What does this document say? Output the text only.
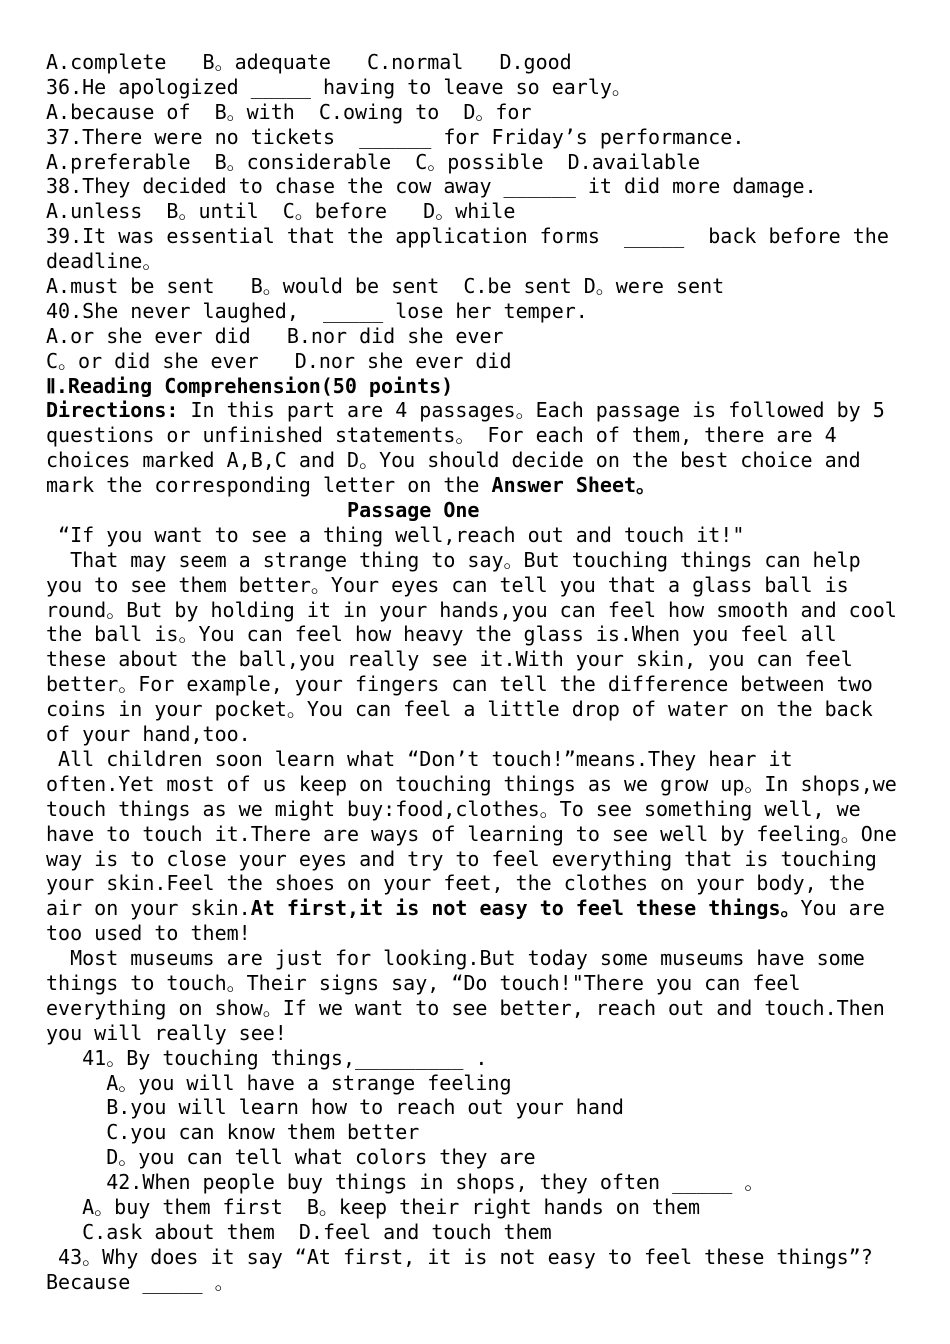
A.complete   B。adequate   C.normal   D.good
36.He apologized _____ having to leave so early。
A.because of  B。with  C.owing to  D。for
37.There were no tickets  ______ for Friday’s performance.
A.preferable  B。considerable  C。possible  D.available
38.They decided to chase the cow away ______ it did more damage.
A.unless  B。until  C。before   D。while
39.It was essential that the application forms  _____  back before the
deadline。
A.must be sent   B。would be sent  C.be sent D。were sent
40.She never laughed,  _____ lose her temper.
A.or she ever did   B.nor did she ever
C。or did she ever   D.nor she ever did
Ⅱ.Reading Comprehension(50 points)
Directions: In this part are 4 passages。Each passage is followed by 5
questions or unfinished statements。 For each of them, there are 4
choices marked A,B,C and D。You should decide on the best choice and
mark the corresponding letter on the Answer Sheet。
Passage One
“If you want to see a thing well,reach out and touch it!"
That may seem a strange thing to say。But touching things can help
you to see them better。Your eyes can tell you that a glass ball is
round。But by holding it in your hands,you can feel how smooth and cool
the ball is。You can feel how heavy the glass is.When you feel all
these about the ball,you really see it.With your skin, you can feel
better。For example, your fingers can tell the difference between two
coins in your pocket。You can feel a little drop of water on the back
of your hand,too.
All children soon learn what “Don’t touch!”means.They hear it
often.Yet most of us keep on touching things as we grow up。In shops,we
touch things as we might buy:food,clothes。To see something well, we
have to touch it.There are ways of learning to see well by feeling。One
way is to close your eyes and try to feel everything that is touching
your skin.Feel the shoes on your feet, the clothes on your body, the
air on your skin.At first,it is not easy to feel these things。You are
too used to them!
Most museums are just for looking.But today some museums have some
things to touch。Their signs say, “Do touch!"There you can feel
everything on show。If we want to see better, reach out and touch.Then
you will really see!
41。By touching things,_________ .
A。you will have a strange feeling
B.you will learn how to reach out your hand
C.you can know them better
D。you can tell what colors they are
42.When people buy things in shops, they often _____ 。
A。buy them first  B。keep their right hands on them
C.ask about them  D.feel and touch them
43。Why does it say “At first, it is not easy to feel these things”?
Because _____ 。
